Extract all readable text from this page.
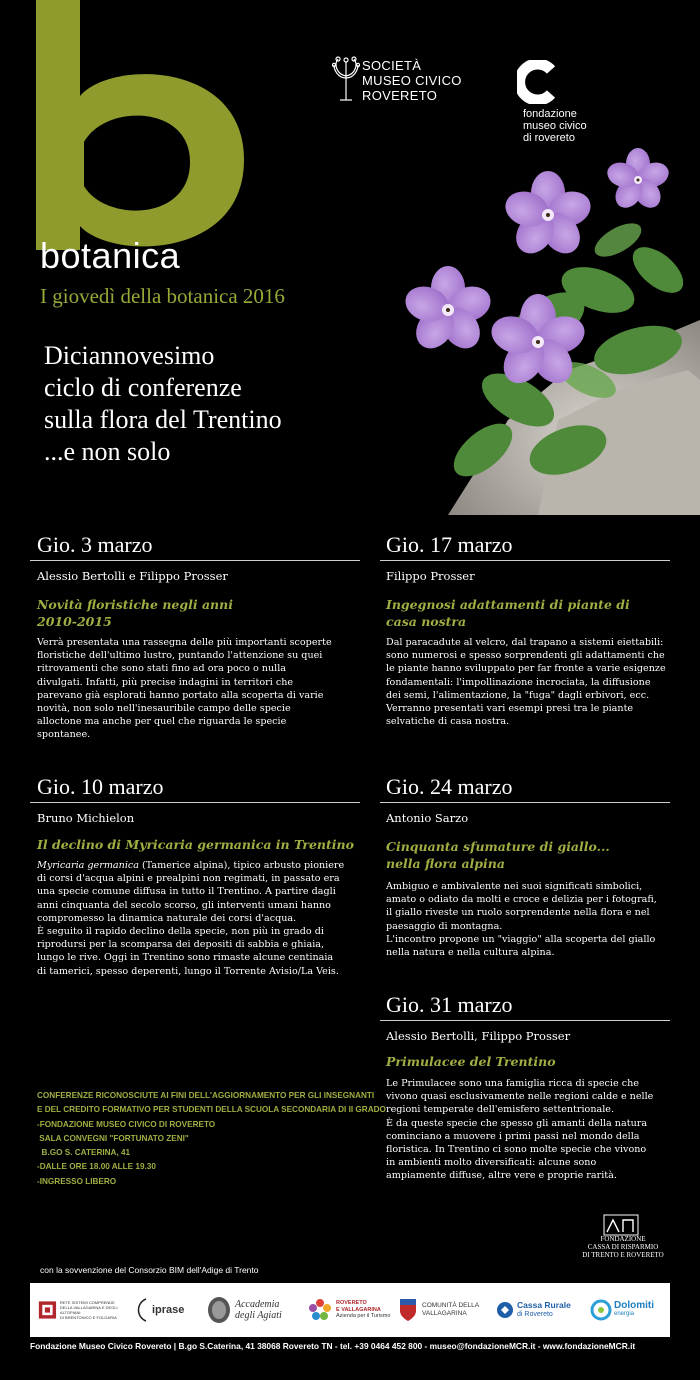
botanica
I giovedì della botanica 2016
Diciannovesimo
ciclo di conferenze
sulla flora del Trentino
...e non solo
SOCIETÀ
MUSEO CIVICO
ROVERETO
fondazione
museo civico
di rovereto
Gio. 3 marzo
Alessio Bertolli e Filippo Prosser
Novità floristiche negli anni
2010-2015

Verrà presentata una rassegna delle più importanti scoperte

floristiche dell'ultimo lustro, puntando l'attenzione su quei

ritrovamenti che sono stati fino ad ora poco o nulla

divulgati. Infatti, più precise indagini in territori che

parevano già esplorati hanno portato alla scoperta di varie

novità, non solo nell'inesauribile campo delle specie

alloctone ma anche per quel che riguarda le specie

spontanee.

Gio. 17 marzo
Filippo Prosser
Ingegnosi adattamenti di piante di
casa nostra

Dal paracadute al velcro, dal trapano a sistemi eiettabili:

sono numerosi e spesso sorprendenti gli adattamenti che

le piante hanno sviluppato per far fronte a varie esigenze

fondamentali: l'impollinazione incrociata, la diffusione

dei semi, l'alimentazione, la "fuga" dagli erbivori, ecc.

Verranno presentati vari esempi presi tra le piante

selvatiche di casa nostra.

Gio. 10 marzo
Bruno Michielon
Il declino di Myricaria germanica in Trentino

Myricaria germanica (Tamerice alpina), tipico arbusto pioniere

di corsi d'acqua alpini e prealpini non regimati, in passato era

una specie comune diffusa in tutto il Trentino. A partire dagli

anni cinquanta del secolo scorso, gli interventi umani hanno

compromesso la dinamica naturale dei corsi d'acqua.

È seguito il rapido declino della specie, non più in grado di

riprodursi per la scomparsa dei depositi di sabbia e ghiaia,

lungo le rive. Oggi in Trentino sono rimaste alcune centinaia

di tamerici, spesso deperenti, lungo il Torrente Avisio/La Veis.

Gio. 24 marzo
Antonio Sarzo
Cinquanta sfumature di giallo...
nella flora alpina

Ambiguo e ambivalente nei suoi significati simbolici,

amato o odiato da molti e croce e delizia per i fotografi,

il giallo riveste un ruolo sorprendente nella flora e nel

paesaggio di montagna.

L'incontro propone un "viaggio" alla scoperta del giallo

nella natura e nella cultura alpina.

Gio. 31 marzo
Alessio Bertolli, Filippo Prosser
Primulacee del Trentino

Le Primulacee sono una famiglia ricca di specie che

vivono quasi esclusivamente nelle regioni calde e nelle

regioni temperate dell'emisfero settentrionale.

È da queste specie che spesso gli amanti della natura

cominciano a muovere i primi passi nel mondo della

floristica. In Trentino ci sono molte specie che vivono

in ambienti molto diversificati: alcune sono

ampiamente diffuse, altre vere e proprie rarità.

CONFERENZE RICONOSCIUTE AI FINI DELL'AGGIORNAMENTO PER GLI INSEGNANTI
E DEL CREDITO FORMATIVO PER STUDENTI DELLA SCUOLA SECONDARIA DI II GRADO
-FONDAZIONE MUSEO CIVICO DI ROVERETO
SALA CONVEGNI "FORTUNATO ZENI"
B.GO S. CATERINA, 41
-DALLE ORE 18.00 ALLE 19.30
-INGRESSO LIBERO
con la sovvenzione del Consorzio BIM dell'Adige di Trento
FONDAZIONE
CASSA DI RISPARMIO
DI TRENTO E ROVERETO
RETE SISTEMI COMPRENDE
DELLA VALLAGARINA E DEGLI ALTOPIANI
DI BRENTONICO E FOLGARIA
iprase	Accademia
degli Agiati
ROVERETO
E VALLAGARINA
Azienda per il Turismo
COMUNITÀ DELLA
VALLAGARINA
Cassa Rurale
di Rovereto
Dolomiti
energia
Fondazione Museo Civico Rovereto | B.go S.Caterina, 41 38068 Rovereto TN - tel. +39 0464 452 800 - museo@fondazioneMCR.it - www.fondazioneMCR.it
